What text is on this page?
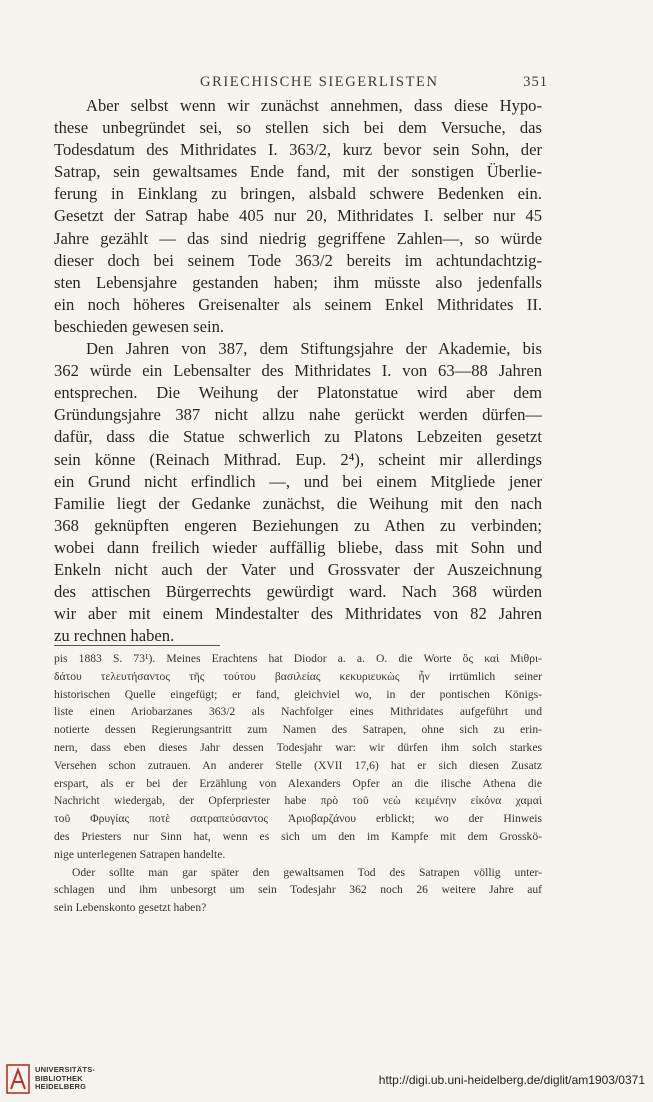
GRIECHISCHE SIEGERLISTEN	351

Aber selbst wenn wir zunächst annehmen, dass diese Hypo-
these unbegründet sei, so stellen sich bei dem Versuche, das
Todesdatum des Mithridates I. 363/2, kurz bevor sein Sohn, der
Satrap, sein gewaltsames Ende fand, mit der sonstigen Überlie-
ferung in Einklang zu bringen, alsbald schwere Bedenken ein.
Gesetzt der Satrap habe 405 nur 20, Mithridates I. selber nur 45
Jahre gezählt — das sind niedrig gegriffene Zahlen—, so würde
dieser doch bei seinem Tode 363/2 bereits im achtundachtzig-
sten Lebensjahre gestanden haben; ihm müsste also jedenfalls
ein noch höheres Greisenalter als seinem Enkel Mithridates II.
beschieden gewesen sein.

Den Jahren von 387, dem Stiftungsjahre der Akademie, bis
362 würde ein Lebensalter des Mithridates I. von 63—88 Jahren
entsprechen. Die Weihung der Platonstatue wird aber dem
Gründungsjahre 387 nicht allzu nahe gerückt werden dürfen—
dafür, dass die Statue schwerlich zu Platons Lebzeiten gesetzt
sein könne (Reinach Mithrad. Eup. 2⁴), scheint mir allerdings
ein Grund nicht erfindlich —, und bei einem Mitgliede jener
Familie liegt der Gedanke zunächst, die Weihung mit den nach
368 geknüpften engeren Beziehungen zu Athen zu verbinden;
wobei dann freilich wieder auffällig bliebe, dass mit Sohn und
Enkeln nicht auch der Vater und Grossvater der Auszeichnung
des attischen Bürgerrechts gewürdigt ward. Nach 368 würden
wir aber mit einem Mindestalter des Mithridates von 82 Jahren
zu rechnen haben.

pis 1883 S. 73¹). Meines Erachtens hat Diodor a. a. O. die Worte ὃς καὶ Μιθρι-
δάτου τελευτήσαντος τῆς τούτου βασιλείας κεκυριευκὼς ἦν irrtümlich seiner
historischen Quelle eingefügt; er fand, gleichviel wo, in der pontischen Königs-
liste einen Ariobarzanes 363/2 als Nachfolger eines Mithridates aufgeführt und
notierte dessen Regierungsantritt zum Namen des Satrapen, ohne sich zu erin-
nern, dass eben dieses Jahr dessen Todesjahr war: wir dürfen ihm solch starkes
Versehen schon zutrauen. An anderer Stelle (XVII 17,6) hat er sich diesen Zusatz
erspart, als er bei der Erzählung von Alexanders Opfer an die ilische Athena die
Nachricht wiedergab, der Opferpriester habe πρὸ τοῦ νεὼ κειμένην εἰκόνα χαμαὶ
τοῦ Φρυγίας ποτὲ σατραπεύσαντος Ἀριοβαρζάνου erblickt; wo der Hinweis
des Priesters nur Sinn hat, wenn es sich um den im Kampfe mit dem Grosskö-
nige unterlegenen Satrapen handelte.

Oder sollte man gar später den gewaltsamen Tod des Satrapen völlig unter-
schlagen und ihm unbesorgt um sein Todesjahr 362 noch 26 weitere Jahre auf
sein Lebenskonto gesetzt haben?

UNIVERSITÄTS-
BIBLIOTHEK
HEIDELBERG	http://digi.ub.uni-heidelberg.de/diglit/am1903/0371
